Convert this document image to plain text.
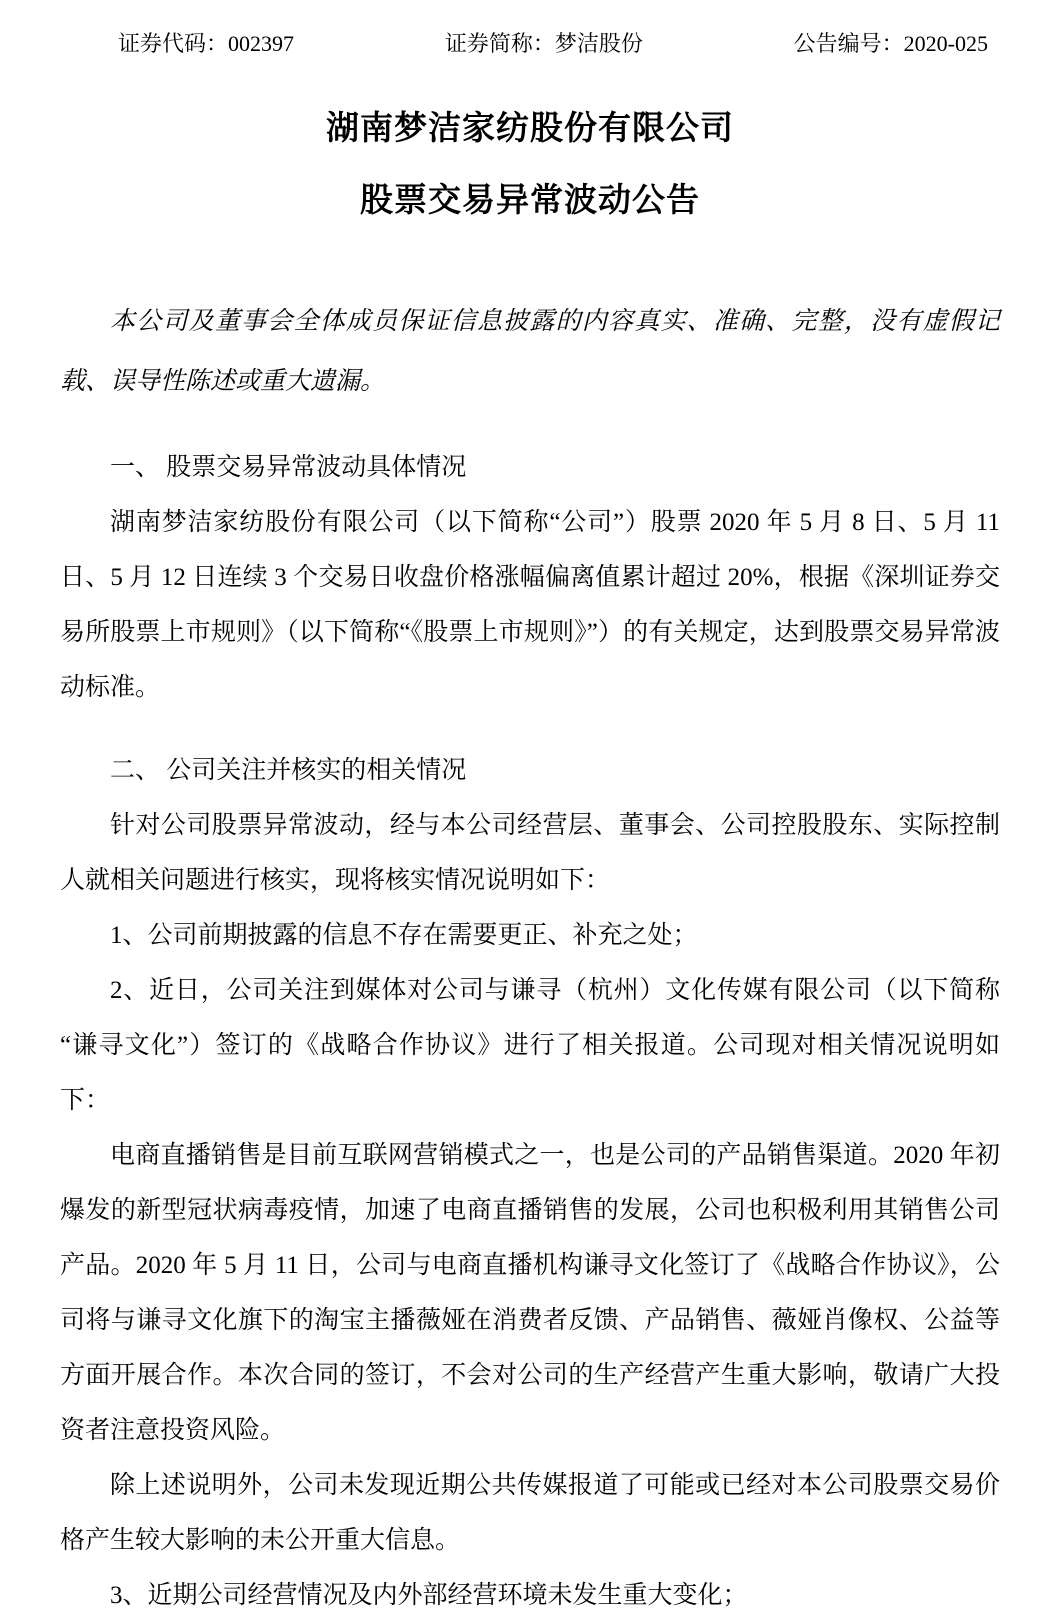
证券代码：002397	证券简称：梦洁股份	公告编号：2020-025
湖南梦洁家纺股份有限公司
股票交易异常波动公告

本公司及董事会全体成员保证信息披露的内容真实、准确、完整，没有虚假记载、误导性陈述或重大遗漏。

一、 股票交易异常波动具体情况

湖南梦洁家纺股份有限公司（以下简称“公司”）股票 2020 年 5 月 8 日、5 月 11 日、5 月 12 日连续 3 个交易日收盘价格涨幅偏离值累计超过 20%，根据《深圳证券交易所股票上市规则》（以下简称“《股票上市规则》”）的有关规定，达到股票交易异常波动标准。

二、 公司关注并核实的相关情况

针对公司股票异常波动，经与本公司经营层、董事会、公司控股股东、实际控制人就相关问题进行核实，现将核实情况说明如下：

1、公司前期披露的信息不存在需要更正、补充之处；

2、近日，公司关注到媒体对公司与谦寻（杭州）文化传媒有限公司（以下简称“谦寻文化”）签订的《战略合作协议》进行了相关报道。公司现对相关情况说明如下：

电商直播销售是目前互联网营销模式之一，也是公司的产品销售渠道。2020 年初爆发的新型冠状病毒疫情，加速了电商直播销售的发展，公司也积极利用其销售公司产品。2020 年 5 月 11 日，公司与电商直播机构谦寻文化签订了《战略合作协议》，公司将与谦寻文化旗下的淘宝主播薇娅在消费者反馈、产品销售、薇娅肖像权、公益等方面开展合作。本次合同的签订，不会对公司的生产经营产生重大影响，敬请广大投资者注意投资风险。

除上述说明外，公司未发现近期公共传媒报道了可能或已经对本公司股票交易价格产生较大影响的未公开重大信息。

3、近期公司经营情况及内外部经营环境未发生重大变化；
